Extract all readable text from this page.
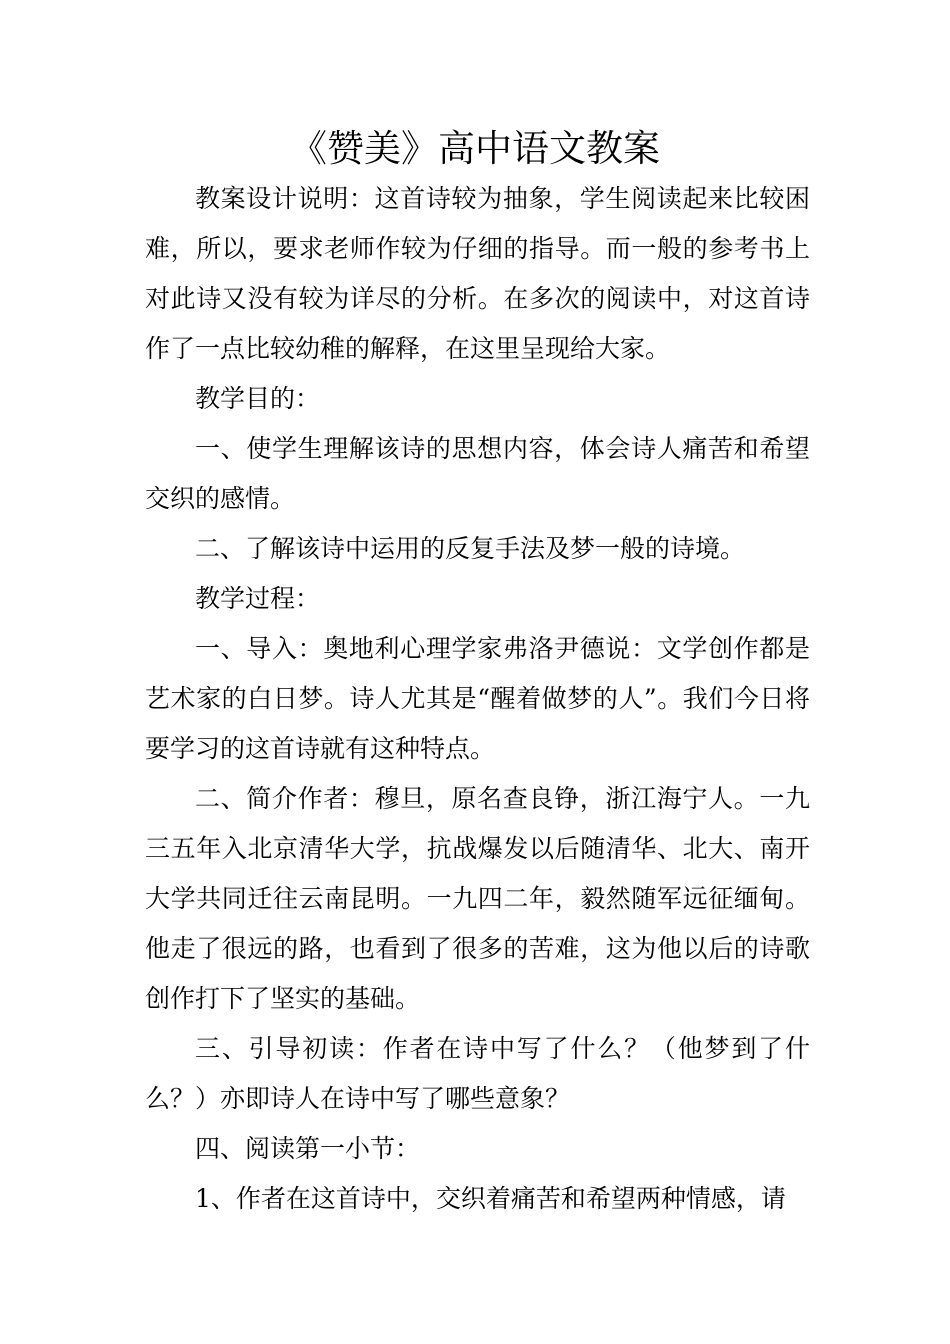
《赞美》高中语文教案

教案设计说明：这首诗较为抽象，学生阅读起来比较困难，所以，要求老师作较为仔细的指导。而一般的参考书上对此诗又没有较为详尽的分析。在多次的阅读中，对这首诗作了一点比较幼稚的解释，在这里呈现给大家。

教学目的：

一、使学生理解该诗的思想内容，体会诗人痛苦和希望交织的感情。

二、了解该诗中运用的反复手法及梦一般的诗境。

教学过程：

一、导入：奥地利心理学家弗洛尹德说：文学创作都是艺术家的白日梦。诗人尤其是“醒着做梦的人”。我们今日将要学习的这首诗就有这种特点。

二、简介作者：穆旦，原名查良铮，浙江海宁人。一九三五年入北京清华大学，抗战爆发以后随清华、北大、南开大学共同迁往云南昆明。一九四二年，毅然随军远征缅甸。他走了很远的路，也看到了很多的苦难，这为他以后的诗歌创作打下了坚实的基础。

三、引导初读：作者在诗中写了什么？（他梦到了什么？）亦即诗人在诗中写了哪些意象？

四、阅读第一小节：

1、作者在这首诗中，交织着痛苦和希望两种情感，请
